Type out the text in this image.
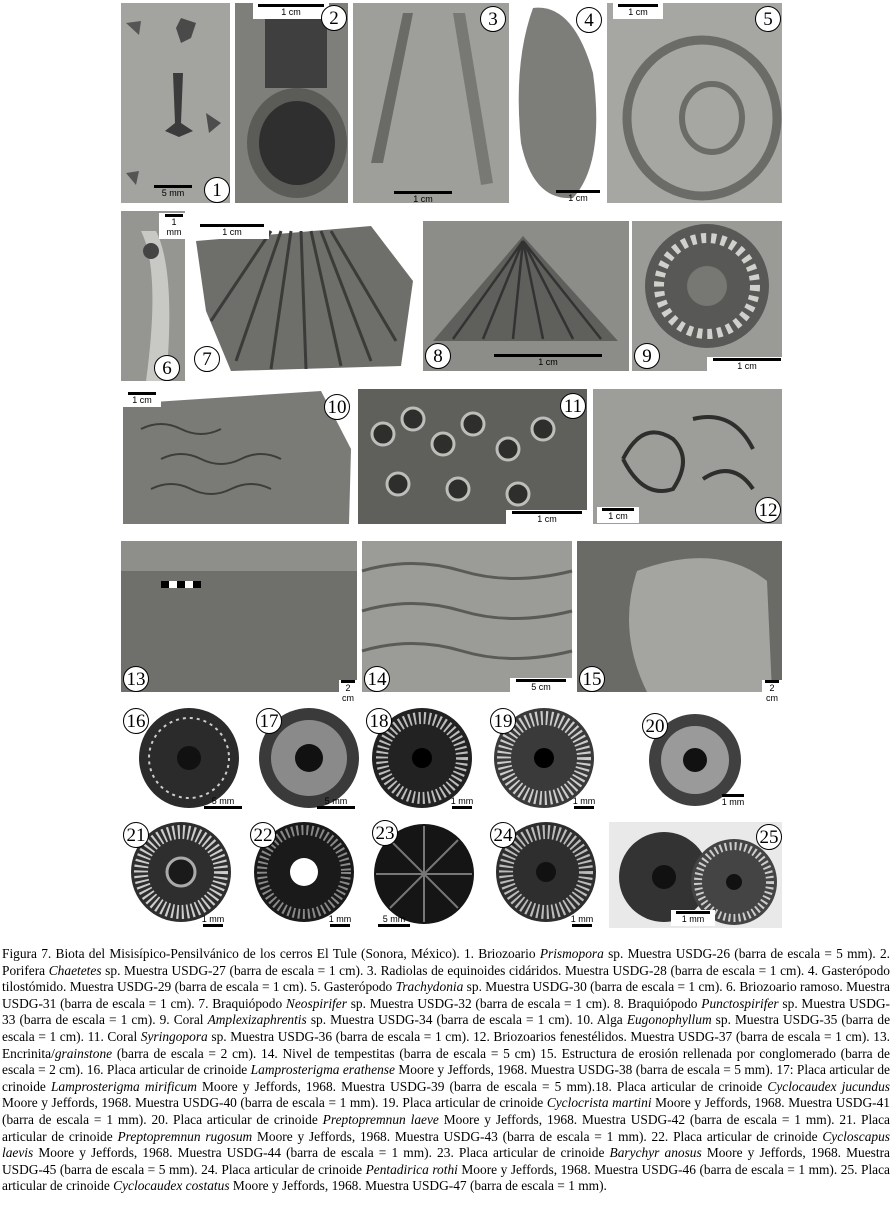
5 mm	1
1 cm	2
1 cm
3
1 cm
4	1 cm	5
1 mm
6
1 cm
7	1 cm
8	1 cm
9
1 cm	10
1 cm
11
1 cm	12
2 cm
13	5 cm
14	2 cm
15
5 mm
16
5 mm
17
1 mm
18
1 mm
19
1 mm
20
1 mm
21
1 mm
22
5 mm
23
1 mm
24
1 mm
25
Figura 7. Biota del Misisípico-Pensilvánico de los cerros El Tule (Sonora, México). 1. Briozoario Prismopora sp. Muestra USDG-26 (barra de escala = 5 mm). 2. Porifera Chaetetes sp. Muestra USDG-27 (barra de escala = 1 cm). 3. Radiolas de equinoides cidáridos. Muestra USDG-28 (barra de escala = 1 cm). 4. Gasterópodo tilostómido. Muestra USDG-29 (barra de escala = 1 cm). 5. Gasterópodo Trachydonia sp. Muestra USDG-30 (barra de escala = 1 cm). 6. Briozoario ramoso. Muestra USDG-31 (barra de escala = 1 cm). 7. Braquiópodo Neospirifer sp. Muestra USDG-32 (barra de escala = 1 cm). 8. Braquiópodo Punctospirifer sp. Muestra USDG-33 (barra de escala = 1 cm). 9. Coral Amplexizaphrentis sp. Muestra USDG-34 (barra de escala = 1 cm). 10. Alga Eugonophyllum sp. Muestra USDG-35 (barra de escala = 1 cm). 11. Coral Syringopora sp. Muestra USDG-36 (barra de escala = 1 cm). 12. Briozoarios fenestélidos. Muestra USDG-37 (barra de escala = 1 cm). 13. Encrinita/grainstone (barra de escala = 2 cm). 14. Nivel de tempestitas (barra de escala = 5 cm) 15. Estructura de erosión rellenada por conglomerado (barra de escala = 2 cm). 16. Placa articular de crinoide Lamprosterigma erathense Moore y Jeffords, 1968. Muestra USDG-38 (barra de escala = 5 mm). 17: Placa articular de crinoide Lamprosterigma mirificum Moore y Jeffords, 1968. Muestra USDG-39 (barra de escala = 5 mm).18. Placa articular de crinoide Cyclocaudex jucundus Moore y Jeffords, 1968. Muestra USDG-40 (barra de escala = 1 mm). 19. Placa articular de crinoide Cyclocrista martini Moore y Jeffords, 1968. Muestra USDG-41 (barra de escala = 1 mm). 20. Placa articular de crinoide Preptopremnun laeve Moore y Jeffords, 1968. Muestra USDG-42 (barra de escala = 1 mm). 21. Placa articular de crinoide Preptopremnun rugosum Moore y Jeffords, 1968. Muestra USDG-43 (barra de escala = 1 mm). 22. Placa articular de crinoide Cycloscapus laevis Moore y Jeffords, 1968. Muestra USDG-44 (barra de escala = 1 mm). 23. Placa articular de crinoide Barychyr anosus Moore y Jeffords, 1968. Muestra USDG-45 (barra de escala = 5 mm). 24. Placa articular de crinoide Pentadirica rothi Moore y Jeffords, 1968. Muestra USDG-46 (barra de escala = 1 mm). 25. Placa articular de crinoide Cyclocaudex costatus Moore y Jeffords, 1968. Muestra USDG-47 (barra de escala = 1 mm).
